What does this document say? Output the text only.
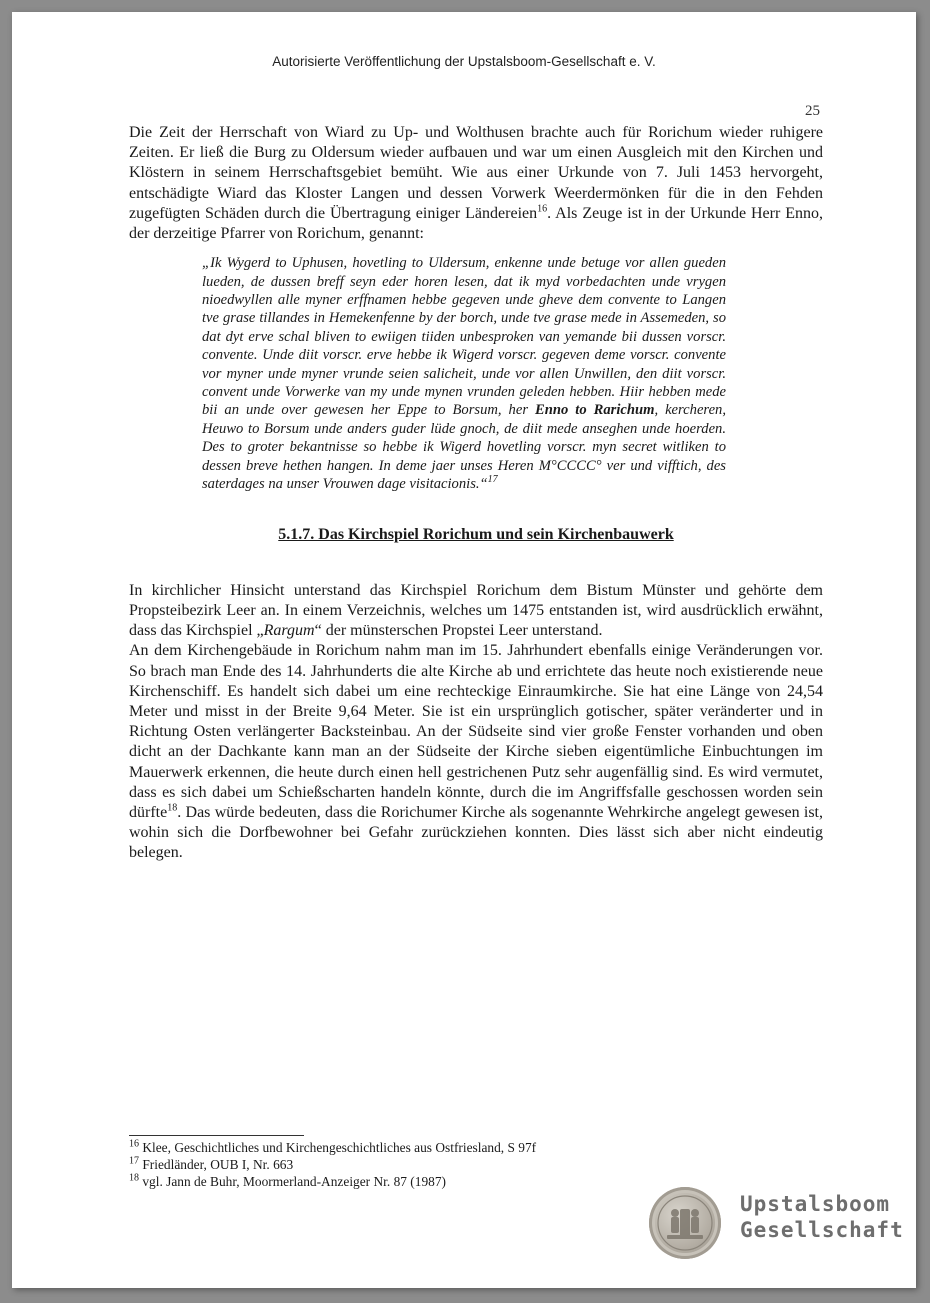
Autorisierte Veröffentlichung der Upstalsboom-Gesellschaft e. V.
25

Die Zeit der Herrschaft von Wiard zu Up- und Wolthusen brachte auch für Rorichum wieder ruhigere Zeiten. Er ließ die Burg zu Oldersum wieder aufbauen und war um einen Ausgleich mit den Kirchen und Klöstern in seinem Herrschaftsgebiet bemüht. Wie aus einer Urkunde von 7. Juli 1453 hervorgeht, entschädigte Wiard das Kloster Langen und dessen Vorwerk Weerdermönken für die in den Fehden zugefügten Schäden durch die Übertragung einiger Ländereien$^{16}$. Als Zeuge ist in der Urkunde Herr Enno, der derzeitige Pfarrer von Rorichum, genannt:

„Ik Wygerd to Uphusen, hovetling to Uldersum, enkenne unde betuge vor allen gueden lueden, de dussen breff seyn eder horen lesen, dat ik myd vorbedachten unde vrygen nioedwyllen alle myner erffnamen hebbe gegeven unde gheve dem convente to Langen tve grase tillandes in Hemekenfenne by der borch, unde tve grase mede in Assemeden, so dat dyt erve schal bliven to ewiigen tiiden unbesproken van yemande bii dussen vorscr. convente. Unde diit vorscr. erve hebbe ik Wigerd vorscr. gegeven deme vorscr. convente vor myner unde myner vrunde seien salicheit, unde vor allen Unwillen, den diit vorscr. convent unde Vorwerke van my unde mynen vrunden geleden hebben. Hiir hebben mede bii an unde over gewesen her Eppe to Borsum, her Enno to Rarichum, kercheren, Heuwo to Borsum unde anders guder lüde gnoch, de diit mede anseghen unde hoerden. Des to groter bekantnisse so hebbe ik Wigerd hovetling vorscr. myn secret witliken to dessen breve hethen hangen. In deme jaer unses Heren M°CCCC° ver und vifftich, des saterdages na unser Vrouwen dage visitacionis.“$^{17}$
5.1.7. Das Kirchspiel Rorichum und sein Kirchenbauwerk

In kirchlicher Hinsicht unterstand das Kirchspiel Rorichum dem Bistum Münster und gehörte dem Propsteibezirk Leer an. In einem Verzeichnis, welches um 1475 entstanden ist, wird ausdrücklich erwähnt, dass das Kirchspiel „Rargum“ der münsterschen Propstei Leer unterstand.

An dem Kirchengebäude in Rorichum nahm man im 15. Jahrhundert ebenfalls einige Veränderungen vor. So brach man Ende des 14. Jahrhunderts die alte Kirche ab und errichtete das heute noch existierende neue Kirchenschiff. Es handelt sich dabei um eine rechteckige Einraumkirche. Sie hat eine Länge von 24,54 Meter und misst in der Breite 9,64 Meter. Sie ist ein ursprünglich gotischer, später veränderter und in Richtung Osten verlängerter Backsteinbau. An der Südseite sind vier große Fenster vorhanden und oben dicht an der Dachkante kann man an der Südseite der Kirche sieben eigentümliche Einbuchtungen im Mauerwerk erkennen, die heute durch einen hell gestrichenen Putz sehr augenfällig sind. Es wird vermutet, dass es sich dabei um Schießscharten handeln könnte, durch die im Angriffsfalle geschossen worden sein dürfte$^{18}$. Das würde bedeuten, dass die Rorichumer Kirche als sogenannte Wehrkirche angelegt gewesen ist, wohin sich die Dorfbewohner bei Gefahr zurückziehen konnten. Dies lässt sich aber nicht eindeutig belegen.

$^{16}$ Klee, Geschichtliches und Kirchengeschichtliches aus Ostfriesland, S 97f
$^{17}$ Friedländer, OUB I, Nr. 663
$^{18}$ vgl. Jann de Buhr, Moormerland-Anzeiger Nr. 87 (1987)
Upstalsboom
Gesellschaft
